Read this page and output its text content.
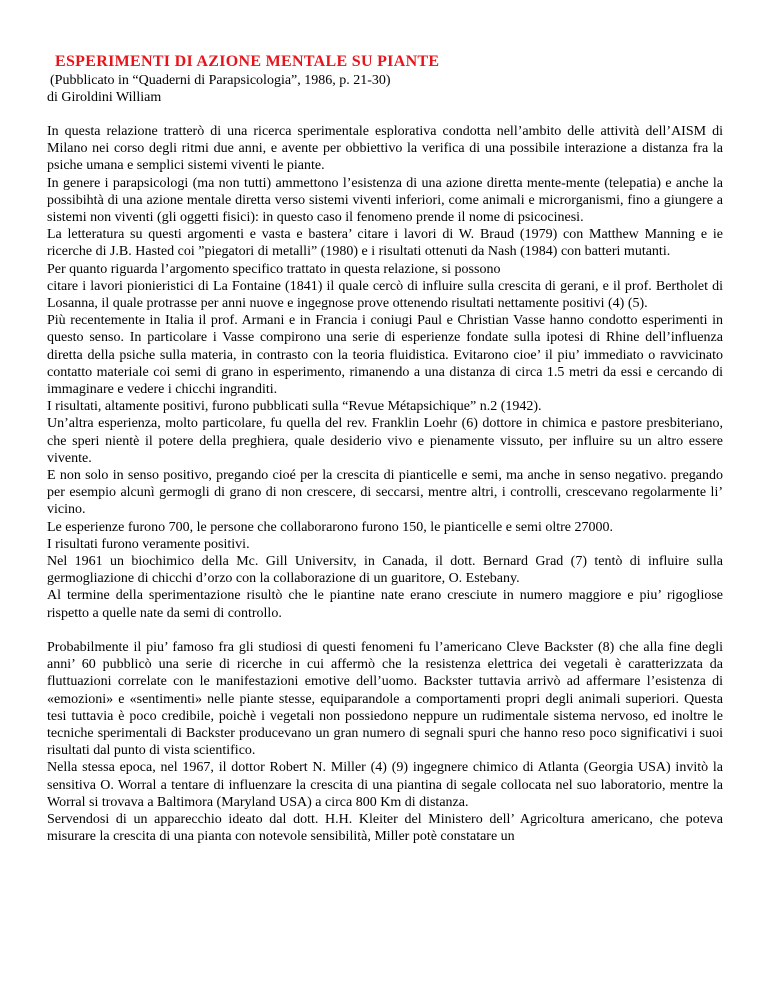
ESPERIMENTI DI AZIONE MENTALE SU PIANTE
(Pubblicato in “Quaderni di Parapsicologia”, 1986, p. 21-30)
di Giroldini William

In questa relazione tratterò di una ricerca sperimentale esplorativa condotta nell’ambito delle attività dell’AISM di Milano nei corso degli ritmi due anni, e avente per obbiettivo la verifica di una possibile interazione a distanza fra la psiche umana e semplici sistemi viventi le piante.

In genere i parapsicologi (ma non tutti) ammettono l’esistenza di una azione diretta mente-mente (telepatia) e anche la possibihtà di una azione mentale diretta verso sistemi viventi inferiori, come animali e microrganismi, fino a giungere a sistemi non viventi (gli oggetti fisici): in questo caso il fenomeno prende il nome di psicocinesi.

La letteratura su questi argomenti e vasta e bastera’ citare i lavori di W. Braud (1979) con Matthew Manning e ie ricerche di J.B. Hasted coi ”piegatori di metalli” (1980) e i risultati ottenuti da Nash (1984) con batteri mutanti.

Per quanto riguarda l’argomento specifico trattato in questa relazione, si possono

citare i lavori pionieristici di La Fontaine (1841) il quale cercò di influire sulla crescita di gerani, e il prof. Bertholet di Losanna, il quale protrasse per anni nuove e ingegnose prove ottenendo risultati nettamente positivi (4) (5).

Più recentemente in Italia il prof. Armani e in Francia i coniugi Paul e Christian Vasse hanno condotto esperimenti in questo senso. In particolare i Vasse compirono una serie di esperienze fondate sulla ipotesi di Rhine dell’influenza diretta della psiche sulla materia, in contrasto con la teoria fluidistica. Evitarono cioe’ il piu’ immediato o ravvicinato contatto materiale coi semi di grano in esperimento, rimanendo a una distanza di circa 1.5 metri da essi e cercando di immaginare e vedere i chicchi ingranditi.

I risultati, altamente positivi, furono pubblicati sulla “Revue Métapsichique” n.2 (1942).

Un’altra esperienza, molto particolare, fu quella del rev. Franklin Loehr (6) dottore in chimica e pastore presbiteriano, che speri nientè il potere della preghiera, quale desiderio vivo e pienamente vissuto, per influire su un altro essere vivente.

E non solo in senso positivo, pregando cioé per la crescita di pianticelle e semi, ma anche in senso negativo. pregando per esempio alcunì germogli di grano di non crescere, di seccarsi, mentre altri, i controlli, crescevano regolarmente li’ vicino.

Le esperienze furono 700, le persone che collaborarono furono 150, le pianticelle e semi oltre 27000.

I risultati furono veramente positivi.

Nel 1961 un biochimico della Mc. Gill Universitv, in Canada, il dott. Bernard Grad (7) tentò di influire sulla germogliazione di chicchi d’orzo con la collaborazione di un guaritore, O. Estebany.

Al termine della sperimentazione risultò che le piantine nate erano cresciute in numero maggiore e piu’ rigogliose rispetto a quelle nate da semi di controllo.

Probabilmente il piu’ famoso fra gli studiosi di questi fenomeni fu l’americano Cleve Backster (8) che alla fine degli anni’ 60 pubblicò una serie di ricerche in cui affermò che la resistenza elettrica dei vegetali è caratterizzata da fluttuazioni correlate con le manifestazioni emotive dell’uomo. Backster tuttavia arrivò ad affermare l’esistenza di «emozioni» e «sentimenti» nelle piante stesse, equiparandole a comportamenti propri degli animali superiori. Questa tesi tuttavia è poco credibile, poichè i vegetali non possiedono neppure un rudimentale sistema nervoso, ed inoltre le tecniche sperimentali di Backster producevano un gran numero di segnali spuri che hanno reso poco significativi i suoi risultati dal punto di vista scientifico.

Nella stessa epoca, nel 1967, il dottor Robert N. Miller (4) (9) ingegnere chimico di Atlanta (Georgia USA) invitò la sensitiva O. Worral a tentare di influenzare la crescita di una piantina di segale collocata nel suo laboratorio, mentre la Worral si trovava a Baltimora (Maryland USA) a circa 800 Km di distanza.

Servendosi di un apparecchio ideato dal dott. H.H. Kleiter del Ministero dell’ Agricoltura americano, che poteva misurare la crescita di una pianta con notevole sensibilità, Miller potè constatare un
